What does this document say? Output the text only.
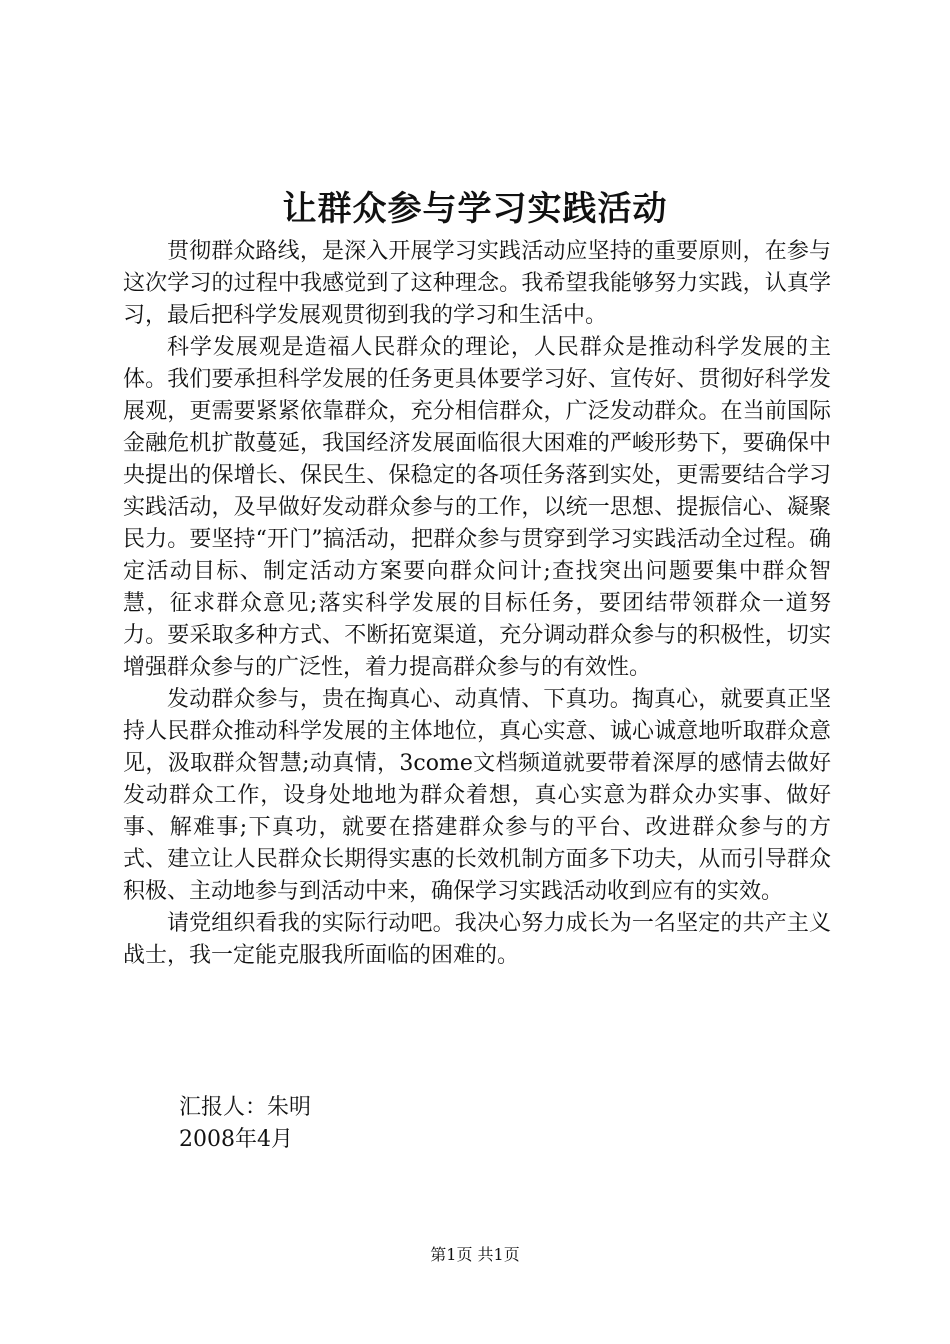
让群众参与学习实践活动

贯彻群众路线，是深入开展学习实践活动应坚持的重要原则，在参与这次学习的过程中我感觉到了这种理念。我希望我能够努力实践，认真学习，最后把科学发展观贯彻到我的学习和生活中。

科学发展观是造福人民群众的理论，人民群众是推动科学发展的主体。我们要承担科学发展的任务更具体要学习好、宣传好、贯彻好科学发展观，更需要紧紧依靠群众，充分相信群众，广泛发动群众。在当前国际金融危机扩散蔓延，我国经济发展面临很大困难的严峻形势下，要确保中央提出的保增长、保民生、保稳定的各项任务落到实处，更需要结合学习实践活动，及早做好发动群众参与的工作，以统一思想、提振信心、凝聚民力。要坚持“开门”搞活动，把群众参与贯穿到学习实践活动全过程。确定活动目标、制定活动方案要向群众问计;查找突出问题要集中群众智慧，征求群众意见;落实科学发展的目标任务，要团结带领群众一道努力。要采取多种方式、不断拓宽渠道，充分调动群众参与的积极性，切实增强群众参与的广泛性，着力提高群众参与的有效性。

发动群众参与，贵在掏真心、动真情、下真功。掏真心，就要真正坚持人民群众推动科学发展的主体地位，真心实意、诚心诚意地听取群众意见，汲取群众智慧;动真情，3come文档频道就要带着深厚的感情去做好发动群众工作，设身处地地为群众着想，真心实意为群众办实事、做好事、解难事;下真功，就要在搭建群众参与的平台、改进群众参与的方式、建立让人民群众长期得实惠的长效机制方面多下功夫，从而引导群众积极、主动地参与到活动中来，确保学习实践活动收到应有的实效。

请党组织看我的实际行动吧。我决心努力成长为一名坚定的共产主义战士，我一定能克服我所面临的困难的。

汇报人：朱明
2008年4月
第1页 共1页
